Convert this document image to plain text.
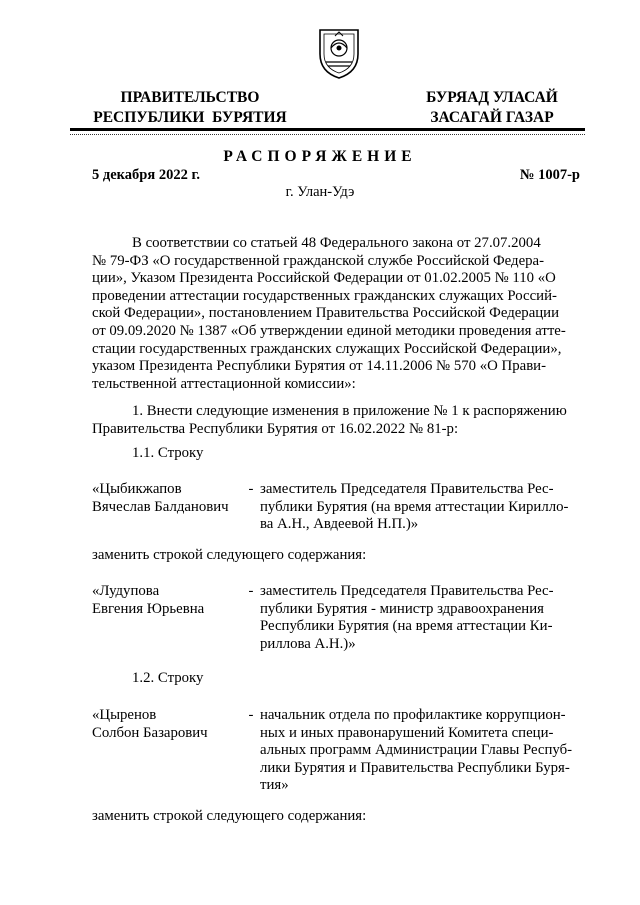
ПРАВИТЕЛЬСТВО
РЕСПУБЛИКИ  БУРЯТИЯ
БУРЯАД УЛАСАЙ
ЗАСАГАЙ ГАЗАР
РАСПОРЯЖЕНИЕ
5 декабря 2022 г.	№ 1007-р
г. Улан-Удэ
В соответствии со статьей 48 Федерального закона от 27.07.2004
№ 79-ФЗ «О государственной гражданской службе Российской Федера-
ции», Указом Президента Российской Федерации от 01.02.2005 № 110 «О
проведении аттестации государственных гражданских служащих Россий-
ской Федерации», постановлением Правительства Российской Федерации
от 09.09.2020 № 1387 «Об утверждении единой методики проведения атте-
стации государственных гражданских служащих Российской Федерации»,
указом Президента Республики Бурятия от 14.11.2006 № 570 «О Прави-
тельственной аттестационной комиссии»:
1. Внести следующие изменения в приложение № 1 к распоряжению
Правительства Республики Бурятия от 16.02.2022 № 81-р:
1.1. Строку
«Цыбикжапов
Вячеслав Балданович
- заместитель Председателя Правительства Рес-
публики Бурятия (на время аттестации Кирилло-
ва А.Н., Авдеевой Н.П.)»
заменить строкой следующего содержания:
«Лудупова
Евгения Юрьевна
- заместитель Председателя Правительства Рес-
публики Бурятия - министр здравоохранения
Республики Бурятия (на время аттестации Ки-
риллова А.Н.)»
1.2. Строку
«Цыренов
Солбон Базарович
- начальник отдела по профилактике коррупцион-
ных и иных правонарушений Комитета специ-
альных программ Администрации Главы Респуб-
лики Бурятия и Правительства Республики Буря-
тия»
заменить строкой следующего содержания:
